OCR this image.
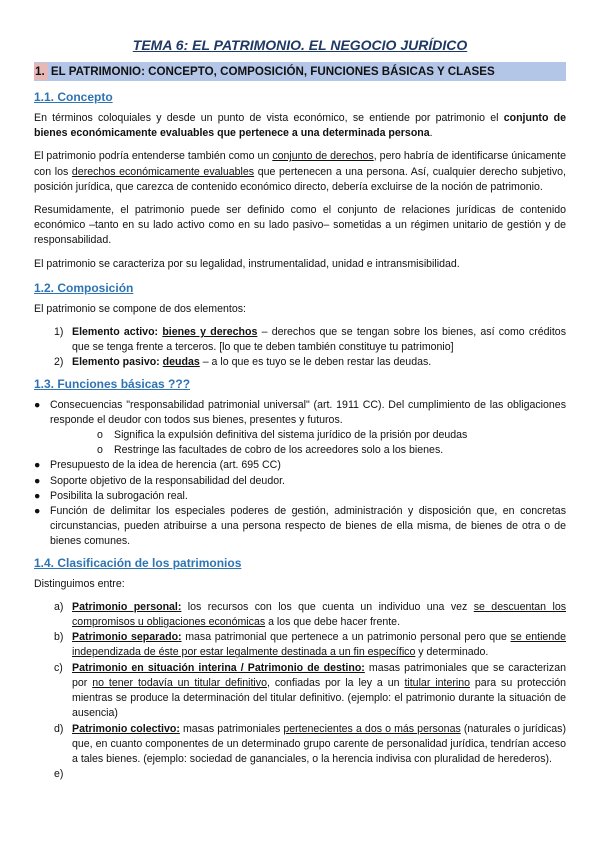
TEMA 6: EL PATRIMONIO. EL NEGOCIO JURÍDICO
1. EL PATRIMONIO: CONCEPTO, COMPOSICIÓN, FUNCIONES BÁSICAS Y CLASES
1.1. Concepto

En términos coloquiales y desde un punto de vista económico, se entiende por patrimonio el conjunto de bienes económicamente evaluables que pertenece a una determinada persona.

El patrimonio podría entenderse también como un conjunto de derechos, pero habría de identificarse únicamente con los derechos económicamente evaluables que pertenecen a una persona. Así, cualquier derecho subjetivo, posición jurídica, que carezca de contenido económico directo, debería excluirse de la noción de patrimonio.

Resumidamente, el patrimonio puede ser definido como el conjunto de relaciones jurídicas de contenido económico –tanto en su lado activo como en su lado pasivo– sometidas a un régimen unitario de gestión y de responsabilidad.

El patrimonio se caracteriza por su legalidad, instrumentalidad, unidad e intransmisibilidad.

1.2. Composición

El patrimonio se compone de dos elementos:

1) Elemento activo: bienes y derechos – derechos que se tengan sobre los bienes, así como créditos que se tenga frente a terceros. [lo que te deben también constituye tu patrimonio]
2) Elemento pasivo: deudas – a lo que es tuyo se le deben restar las deudas.
1.3. Funciones básicas ???
● Consecuencias "responsabilidad patrimonial universal" (art. 1911 CC). Del cumplimiento de las obligaciones responde el deudor con todos sus bienes, presentes y futuros.
o Significa la expulsión definitiva del sistema jurídico de la prisión por deudas
o Restringe las facultades de cobro de los acreedores solo a los bienes.
● Presupuesto de la idea de herencia (art. 695 CC)
● Soporte objetivo de la responsabilidad del deudor.
● Posibilita la subrogación real.
● Función de delimitar los especiales poderes de gestión, administración y disposición que, en concretas circunstancias, pueden atribuirse a una persona respecto de bienes de ella misma, de bienes de otra o de bienes comunes.
1.4. Clasificación de los patrimonios

Distinguimos entre:

a) Patrimonio personal: los recursos con los que cuenta un individuo una vez se descuentan los compromisos u obligaciones económicas a los que debe hacer frente.
b) Patrimonio separado: masa patrimonial que pertenece a un patrimonio personal pero que se entiende independizada de éste por estar legalmente destinada a un fin específico y determinado.
c) Patrimonio en situación interina / Patrimonio de destino: masas patrimoniales que se caracterizan por no tener todavía un titular definitivo, confiadas por la ley a un titular interino para su protección mientras se produce la determinación del titular definitivo. (ejemplo: el patrimonio durante la situación de ausencia)
d) Patrimonio colectivo: masas patrimoniales pertenecientes a dos o más personas (naturales o jurídicas) que, en cuanto componentes de un determinado grupo carente de personalidad jurídica, tendrían acceso a tales bienes. (ejemplo: sociedad de gananciales, o la herencia indivisa con pluralidad de herederos).
e)
